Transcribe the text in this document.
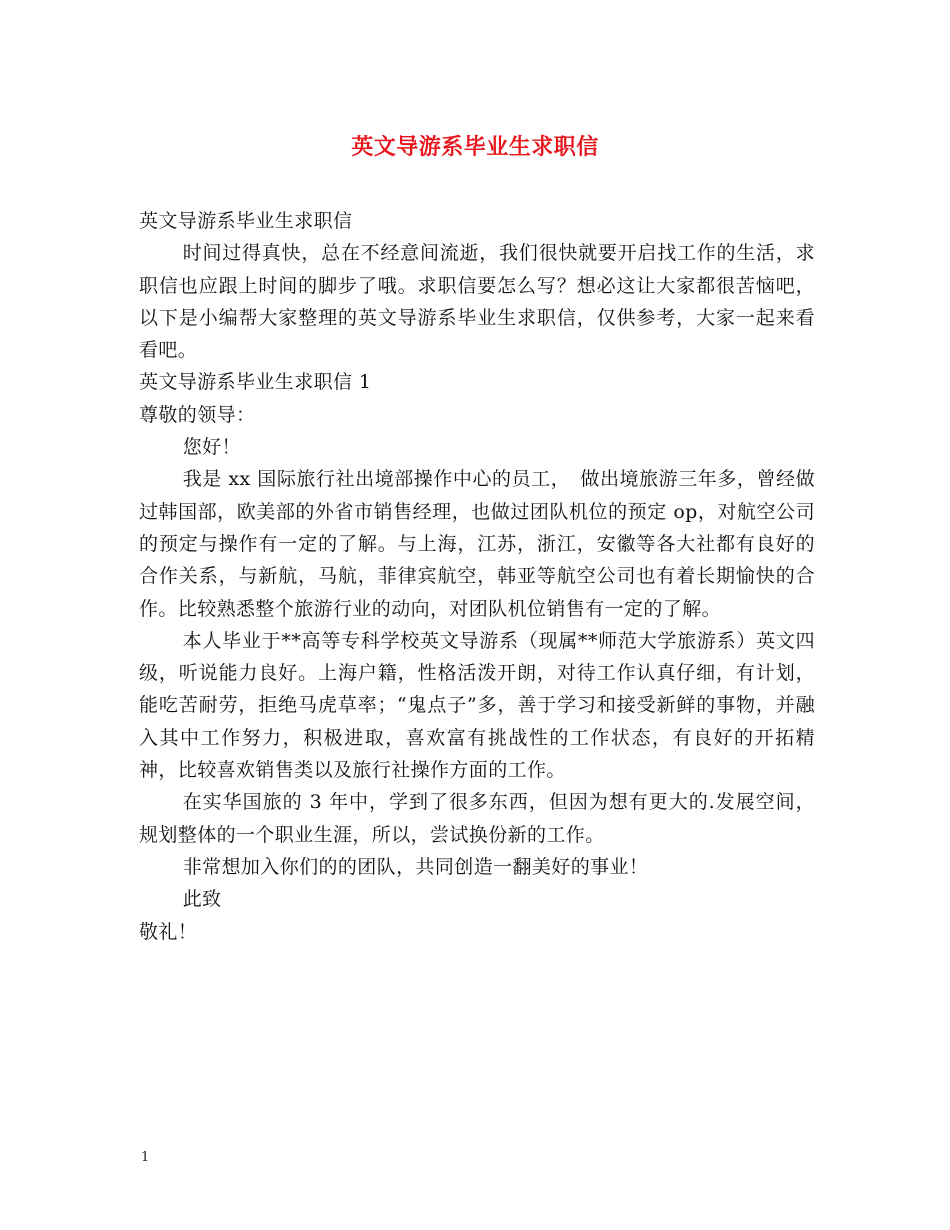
英文导游系毕业生求职信

英文导游系毕业生求职信

时间过得真快，总在不经意间流逝，我们很快就要开启找工作的生活，求职信也应跟上时间的脚步了哦。求职信要怎么写？想必这让大家都很苦恼吧，以下是小编帮大家整理的英文导游系毕业生求职信，仅供参考，大家一起来看看吧。

英文导游系毕业生求职信 1

尊敬的领导：

您好！

我是 xx 国际旅行社出境部操作中心的员工，　做出境旅游三年多，曾经做过韩国部，欧美部的外省市销售经理，也做过团队机位的预定 op，对航空公司的预定与操作有一定的了解。与上海，江苏，浙江，安徽等各大社都有良好的合作关系，与新航，马航，菲律宾航空，韩亚等航空公司也有着长期愉快的合作。比较熟悉整个旅游行业的动向，对团队机位销售有一定的了解。

本人毕业于**高等专科学校英文导游系（现属**师范大学旅游系）英文四级，听说能力良好。上海户籍，性格活泼开朗，对待工作认真仔细，有计划，能吃苦耐劳，拒绝马虎草率；“鬼点子”多，善于学习和接受新鲜的事物，并融入其中工作努力，积极进取，喜欢富有挑战性的工作状态，有良好的开拓精神，比较喜欢销售类以及旅行社操作方面的工作。

在实华国旅的 3 年中，学到了很多东西，但因为想有更大的.发展空间，规划整体的一个职业生涯，所以，尝试换份新的工作。

非常想加入你们的的团队，共同创造一翻美好的事业！

此致

敬礼！

1
